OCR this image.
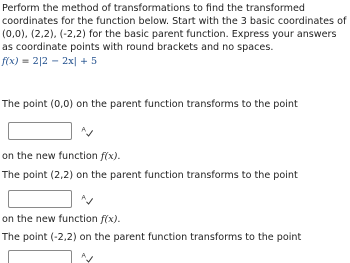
Perform the method of transformations to find the transformed coordinates for the function below. Start with the 3 basic coordinates of (0,0), (2,2), (-2,2) for the basic parent function. Express your answers as coordinate points with round brackets and no spaces.

f(x) = 2|2 − 2x| + 5
The point (0,0) on the parent function transforms to the point
A
on the new function f(x).
The point (2,2) on the parent function transforms to the point
A
on the new function f(x).
The point (-2,2) on the parent function transforms to the point
A
